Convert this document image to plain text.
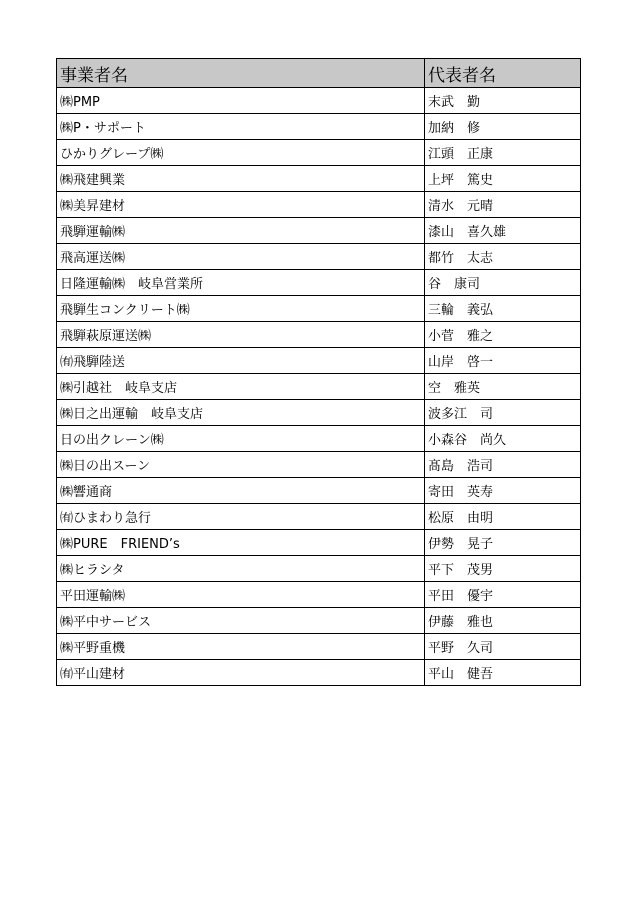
事業者名	代表者名
㈱PMP	末武　勤
㈱P・サポート	加納　修
ひかりグレープ㈱	江頭　正康
㈱飛建興業	上坪　篤史
㈱美昇建材	清水　元晴
飛騨運輸㈱	漆山　喜久雄
飛高運送㈱	都竹　太志
日隆運輸㈱　岐阜営業所	谷　康司
飛騨生コンクリート㈱	三輪　義弘
飛騨萩原運送㈱	小菅　雅之
㈲飛騨陸送	山岸　啓一
㈱引越社　岐阜支店	空　雅英
㈱日之出運輸　岐阜支店	波多江　司
日の出クレーン㈱	小森谷　尚久
㈱日の出スーン	髙島　浩司
㈱響通商	寄田　英寿
㈲ひまわり急行	松原　由明
㈱PURE　FRIEND’s	伊勢　晃子
㈱ヒラシタ	平下　茂男
平田運輸㈱	平田　優宇
㈱平中サービス	伊藤　雅也
㈱平野重機	平野　久司
㈲平山建材	平山　健吾
